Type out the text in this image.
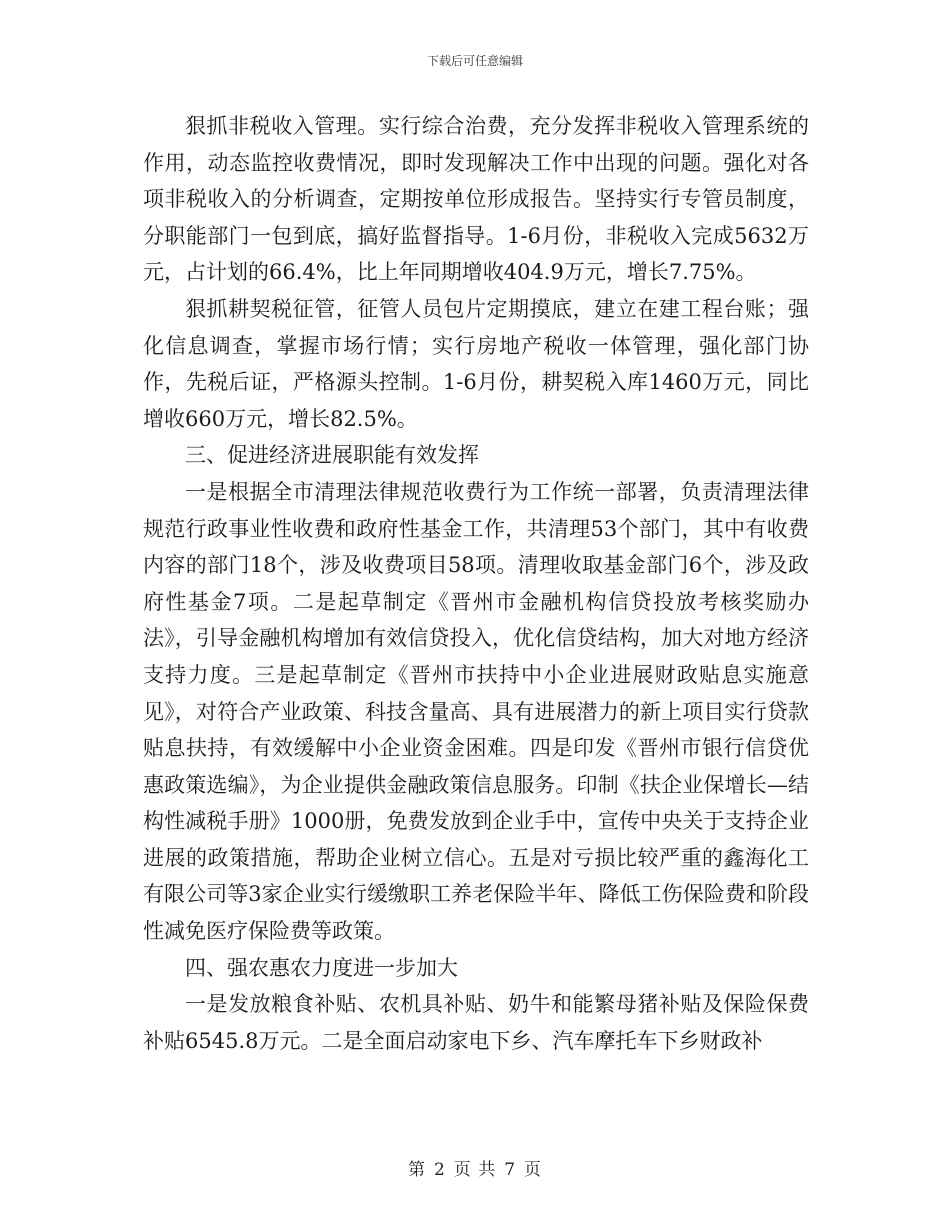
下载后可任意编辑

狠抓非税收入管理。实行综合治费，充分发挥非税收入管理系统的作用，动态监控收费情况，即时发现解决工作中出现的问题。强化对各项非税收入的分析调查，定期按单位形成报告。坚持实行专管员制度，分职能部门一包到底，搞好监督指导。1-6月份，非税收入完成5632万元，占计划的66.4%，比上年同期增收404.9万元，增长7.75%。

狠抓耕契税征管，征管人员包片定期摸底，建立在建工程台账；强化信息调查，掌握市场行情；实行房地产税收一体管理，强化部门协作，先税后证，严格源头控制。1-6月份，耕契税入库1460万元，同比增收660万元，增长82.5%。

三、促进经济进展职能有效发挥

一是根据全市清理法律规范收费行为工作统一部署，负责清理法律规范行政事业性收费和政府性基金工作，共清理53个部门，其中有收费内容的部门18个，涉及收费项目58项。清理收取基金部门6个，涉及政府性基金7项。二是起草制定《晋州市金融机构信贷投放考核奖励办法》，引导金融机构增加有效信贷投入，优化信贷结构，加大对地方经济支持力度。三是起草制定《晋州市扶持中小企业进展财政贴息实施意见》，对符合产业政策、科技含量高、具有进展潜力的新上项目实行贷款贴息扶持，有效缓解中小企业资金困难。四是印发《晋州市银行信贷优惠政策选编》，为企业提供金融政策信息服务。印制《扶企业保增长—结构性减税手册》1000册，免费发放到企业手中，宣传中央关于支持企业进展的政策措施，帮助企业树立信心。五是对亏损比较严重的鑫海化工有限公司等3家企业实行缓缴职工养老保险半年、降低工伤保险费和阶段性减免医疗保险费等政策。

四、强农惠农力度进一步加大

一是发放粮食补贴、农机具补贴、奶牛和能繁母猪补贴及保险保费补贴6545.8万元。二是全面启动家电下乡、汽车摩托车下乡财政补

第 2 页 共 7 页
